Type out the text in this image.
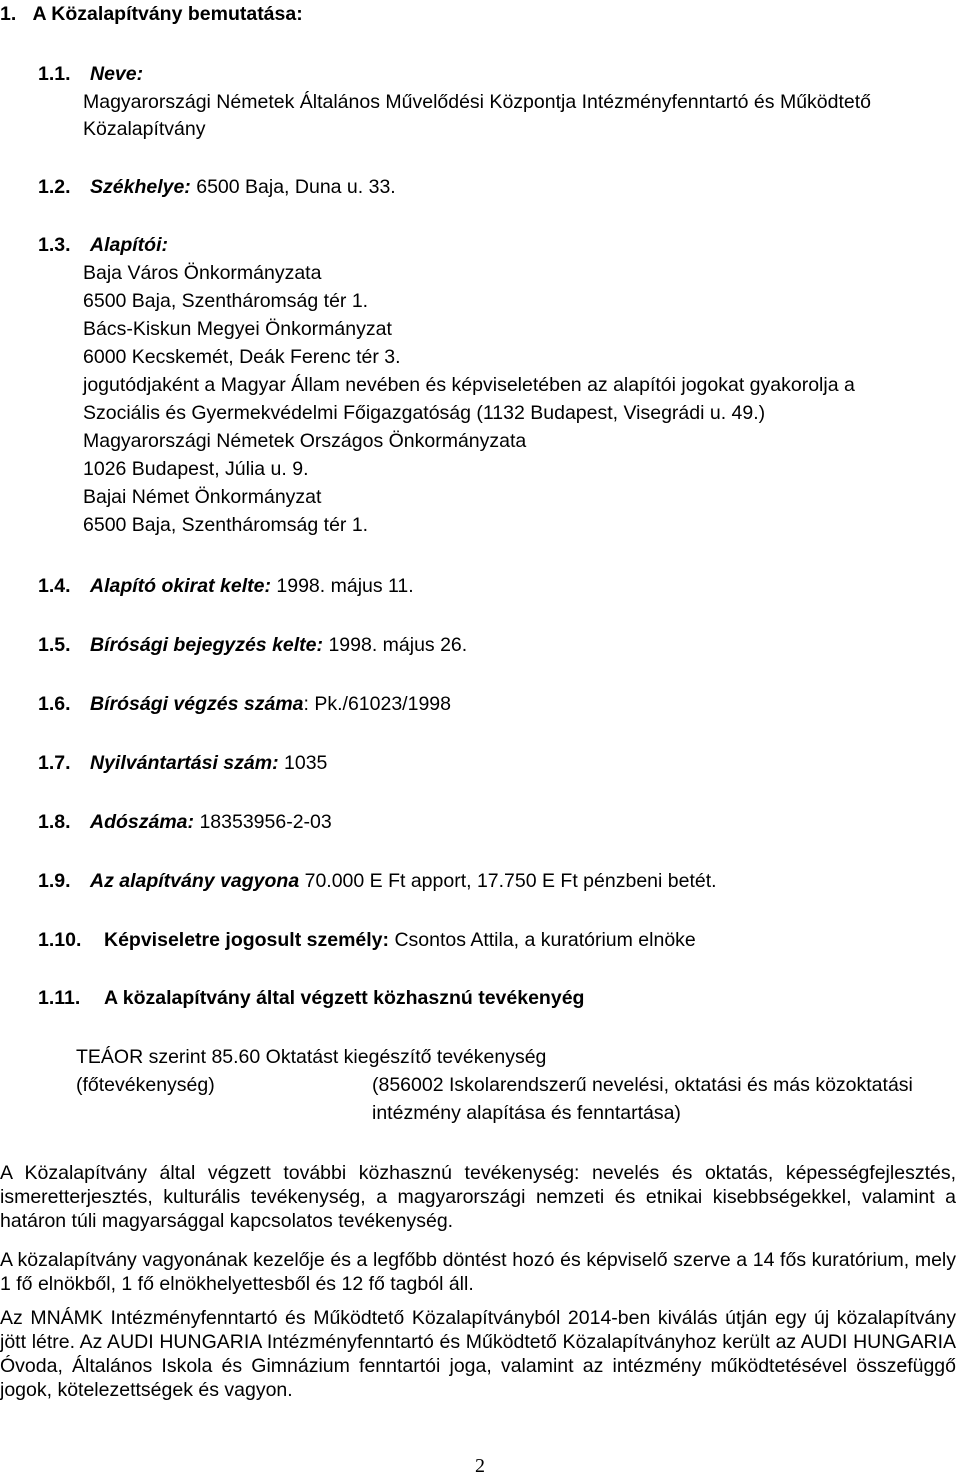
1. A Közalapítvány bemutatása:
1.1. Neve:
Magyarországi Németek Általános Művelődési Központja Intézményfenntartó és Működtető
Közalapítvány
1.2. Székhelye: 6500 Baja, Duna u. 33.
1.3. Alapítói:
Baja Város Önkormányzata
6500 Baja, Szentháromság tér 1.
Bács-Kiskun Megyei Önkormányzat
6000 Kecskemét, Deák Ferenc tér 3.
jogutódjaként a Magyar Állam nevében és képviseletében az alapítói jogokat gyakorolja a
Szociális és Gyermekvédelmi Főigazgatóság (1132 Budapest, Visegrádi u. 49.)
Magyarországi Németek Országos Önkormányzata
1026 Budapest, Júlia u. 9.
Bajai Német Önkormányzat
6500 Baja, Szentháromság tér 1.
1.4. Alapító okirat kelte: 1998. május 11.
1.5. Bírósági bejegyzés kelte: 1998. május 26.
1.6. Bírósági végzés száma: Pk./61023/1998
1.7. Nyilvántartási szám: 1035
1.8. Adószáma: 18353956-2-03
1.9. Az alapítvány vagyona 70.000 E Ft apport, 17.750 E Ft pénzbeni betét.
1.10. Képviseletre jogosult személy: Csontos Attila, a kuratórium elnöke
1.11. A közalapítvány által végzett közhasznú tevékenyég
TEÁOR szerint 85.60 Oktatást kiegészítő tevékenység
(főtevékenység)	(856002 Iskolarendszerű nevelési, oktatási és más közoktatási
intézmény alapítása és fenntartása)
A Közalapítvány által végzett további közhasznú tevékenység: nevelés és oktatás, képességfejlesztés, ismeretterjesztés, kulturális tevékenység, a magyarországi nemzeti és etnikai kisebbségekkel, valamint a határon túli magyarsággal kapcsolatos tevékenység.
A közalapítvány vagyonának kezelője és a legfőbb döntést hozó és képviselő szerve a 14 fős kuratórium, mely 1 fő elnökből, 1 fő elnökhelyettesből és 12 fő tagból áll.
Az MNÁMK Intézményfenntartó és Működtető Közalapítványból 2014-ben kiválás útján egy új közalapítvány jött létre. Az AUDI HUNGARIA Intézményfenntartó és Működtető Közalapítványhoz került az AUDI HUNGARIA Óvoda, Általános Iskola és Gimnázium fenntartói joga, valamint az intézmény működtetésével összefüggő jogok, kötelezettségek és vagyon.
2
